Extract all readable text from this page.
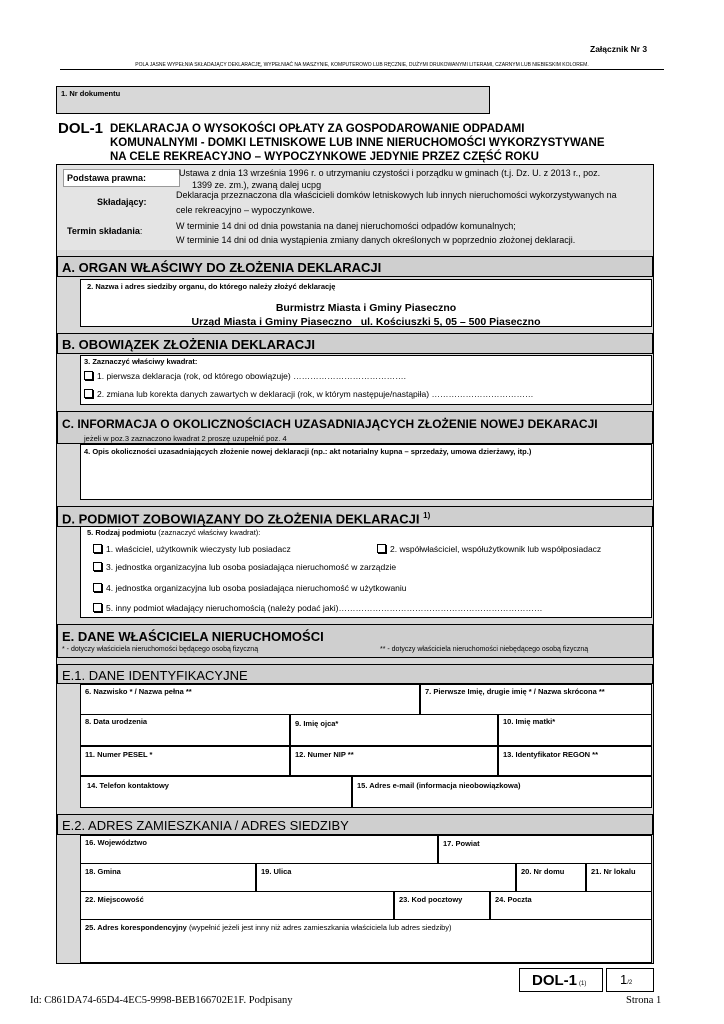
Załącznik Nr 3
POLA JASNE WYPEŁNIA SKŁADAJĄCY DEKLARACJĘ, WYPEŁNIAĆ NA MASZYNIE, KOMPUTEROWO LUB RĘCZNIE, DUŻYMI DRUKOWANYMI LITERAMI, CZARNYM LUB NIEBIESKIM KOLOREM.
1. Nr dokumentu
DOL-1 DEKLARACJA O WYSOKOŚCI OPŁATY ZA GOSPODAROWANIE ODPADAMI
KOMUNALNYMI - DOMKI LETNISKOWE LUB INNE NIERUCHOMOŚCI WYKORZYSTYWANE
NA CELE REKREACYJNO – WYPOCZYNKOWE JEDYNIE PRZEZ CZĘŚĆ ROKU
Podstawa prawna:	Ustawa z dnia 13 września 1996 r. o utrzymaniu czystości i porządku w gminach (t.j. Dz. U. z 2013 r., poz.
1399 ze. zm.), zwaną dalej ucpg
Składający:
Deklaracja przeznaczona dla właścicieli domków letniskowych lub innych nieruchomości wykorzystywanych na
cele rekreacyjno – wypoczynkowe.
Termin składania:	W terminie 14 dni od dnia powstania na danej nieruchomości odpadów komunalnych;
W terminie 14 dni od dnia wystąpienia zmiany danych określonych w poprzednio złożonej deklaracji.
A. ORGAN WŁAŚCIWY DO ZŁOŻENIA DEKLARACJI
2. Nazwa i adres siedziby organu, do którego należy złożyć deklarację
Burmistrz Miasta i Gminy Piaseczno
Urząd Miasta i Gminy Piaseczno   ul. Kościuszki 5, 05 – 500 Piaseczno
B. OBOWIĄZEK ZŁOŻENIA DEKLARACJI
3. Zaznaczyć właściwy kwadrat:
1. pierwsza deklaracja (rok, od którego obowiązuje) ………………………………….
2. zmiana lub korekta danych zawartych w deklaracji (rok, w którym następuje/nastąpiła) ………………………………
C. INFORMACJA O OKOLICZNOŚCIACH UZASADNIAJĄCYCH ZŁOŻENIE NOWEJ DEKARACJI
jeżeli w poz.3 zaznaczono kwadrat 2 proszę uzupełnić poz. 4
4. Opis okoliczności uzasadniających złożenie nowej deklaracji (np.: akt notarialny kupna – sprzedaży, umowa dzierżawy, itp.)
D. PODMIOT ZOBOWIĄZANY DO ZŁOŻENIA DEKLARACJI $^{1)}$
5. Rodzaj podmiotu (zaznaczyć właściwy kwadrat):
1. właściciel, użytkownik wieczysty lub posiadacz	2. współwłaściciel, współużytkownik lub współposiadacz
3. jednostka organizacyjna lub osoba posiadająca nieruchomość w zarządzie
4. jednostka organizacyjna lub osoba posiadająca nieruchomość w użytkowaniu
5. inny podmiot władający nieruchomością (należy podać jaki)………………………………………………………………
E. DANE WŁAŚCICIELA NIERUCHOMOŚCI
* - dotyczy właściciela nieruchomości będącego osobą fizyczną	** - dotyczy właściciela nieruchomości niebędącego osobą fizyczną
E.1. DANE IDENTYFIKACYJNE
6. Nazwisko * / Nazwa pełna **	7. Pierwsze Imię, drugie imię * / Nazwa skrócona **
8. Data urodzenia	9. Imię ojca*	10. Imię matki*
11. Numer PESEL *	12. Numer NIP **	13. Identyfikator REGON **
14. Telefon kontaktowy	15. Adres e-mail (informacja nieobowiązkowa)
E.2. ADRES ZAMIESZKANIA / ADRES SIEDZIBY
16. Województwo	17. Powiat
18. Gmina	19. Ulica	20. Nr domu	21. Nr lokalu
22. Miejscowość	23. Kod pocztowy	24. Poczta
25. Adres korespondencyjny (wypełnić jeżeli jest inny niż adres zamieszkania właściciela lub adres siedziby)
DOL-1 (1)	1/2
Id: C861DA74-65D4-4EC5-9998-BEB166702E1F. Podpisany	Strona 1
